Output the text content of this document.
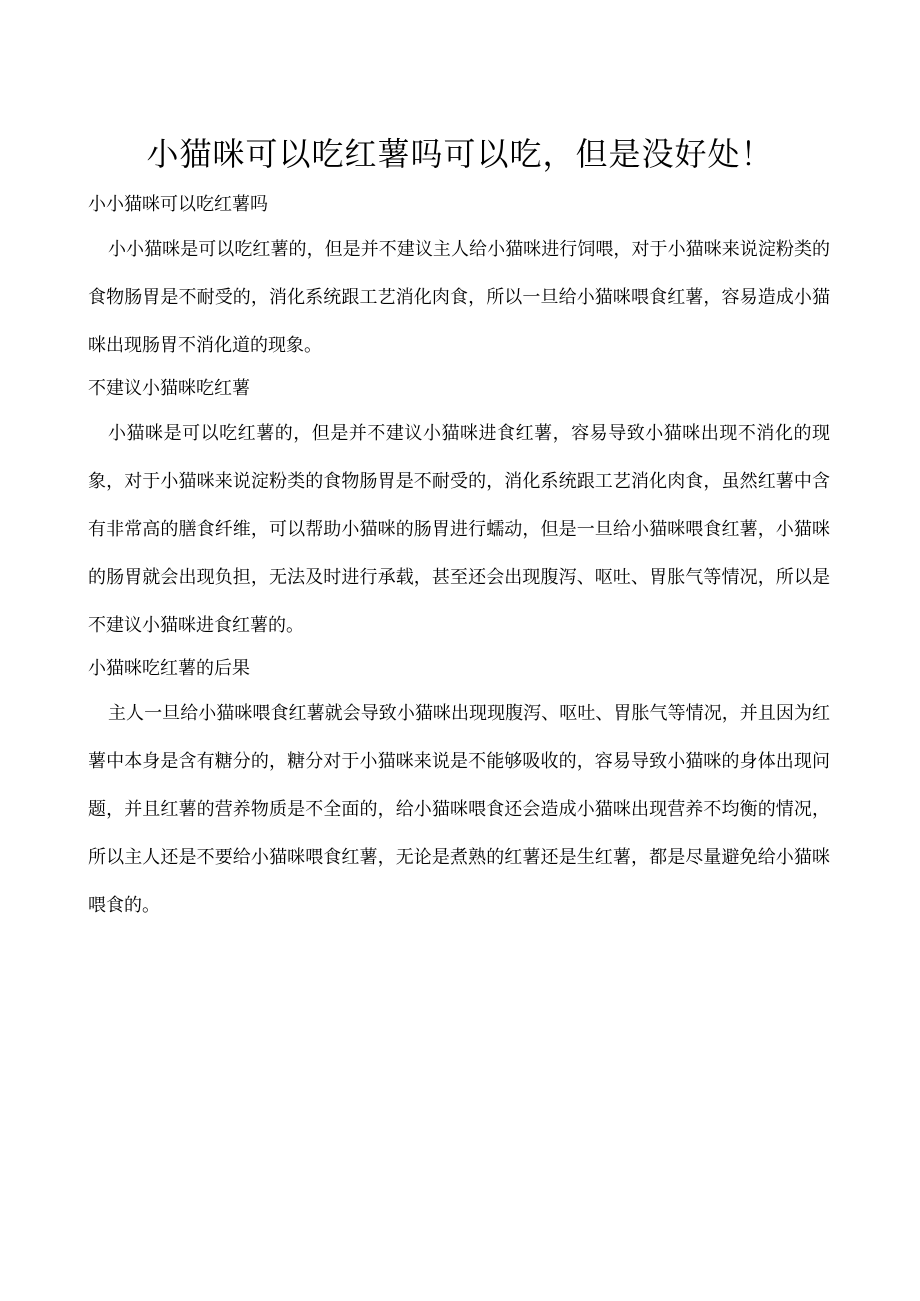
小猫咪可以吃红薯吗可以吃，但是没好处！
小小猫咪可以吃红薯吗

小小猫咪是可以吃红薯的，但是并不建议主人给小猫咪进行饲喂，对于小猫咪来说淀粉类的食物肠胃是不耐受的，消化系统跟工艺消化肉食，所以一旦给小猫咪喂食红薯，容易造成小猫咪出现肠胃不消化道的现象。

不建议小猫咪吃红薯

小猫咪是可以吃红薯的，但是并不建议小猫咪进食红薯，容易导致小猫咪出现不消化的现象，对于小猫咪来说淀粉类的食物肠胃是不耐受的，消化系统跟工艺消化肉食，虽然红薯中含有非常高的膳食纤维，可以帮助小猫咪的肠胃进行蠕动，但是一旦给小猫咪喂食红薯，小猫咪的肠胃就会出现负担，无法及时进行承载，甚至还会出现腹泻、呕吐、胃胀气等情况，所以是不建议小猫咪进食红薯的。

小猫咪吃红薯的后果

主人一旦给小猫咪喂食红薯就会导致小猫咪出现现腹泻、呕吐、胃胀气等情况，并且因为红薯中本身是含有糖分的，糖分对于小猫咪来说是不能够吸收的，容易导致小猫咪的身体出现问题，并且红薯的营养物质是不全面的，给小猫咪喂食还会造成小猫咪出现营养不均衡的情况，所以主人还是不要给小猫咪喂食红薯，无论是煮熟的红薯还是生红薯，都是尽量避免给小猫咪喂食的。
